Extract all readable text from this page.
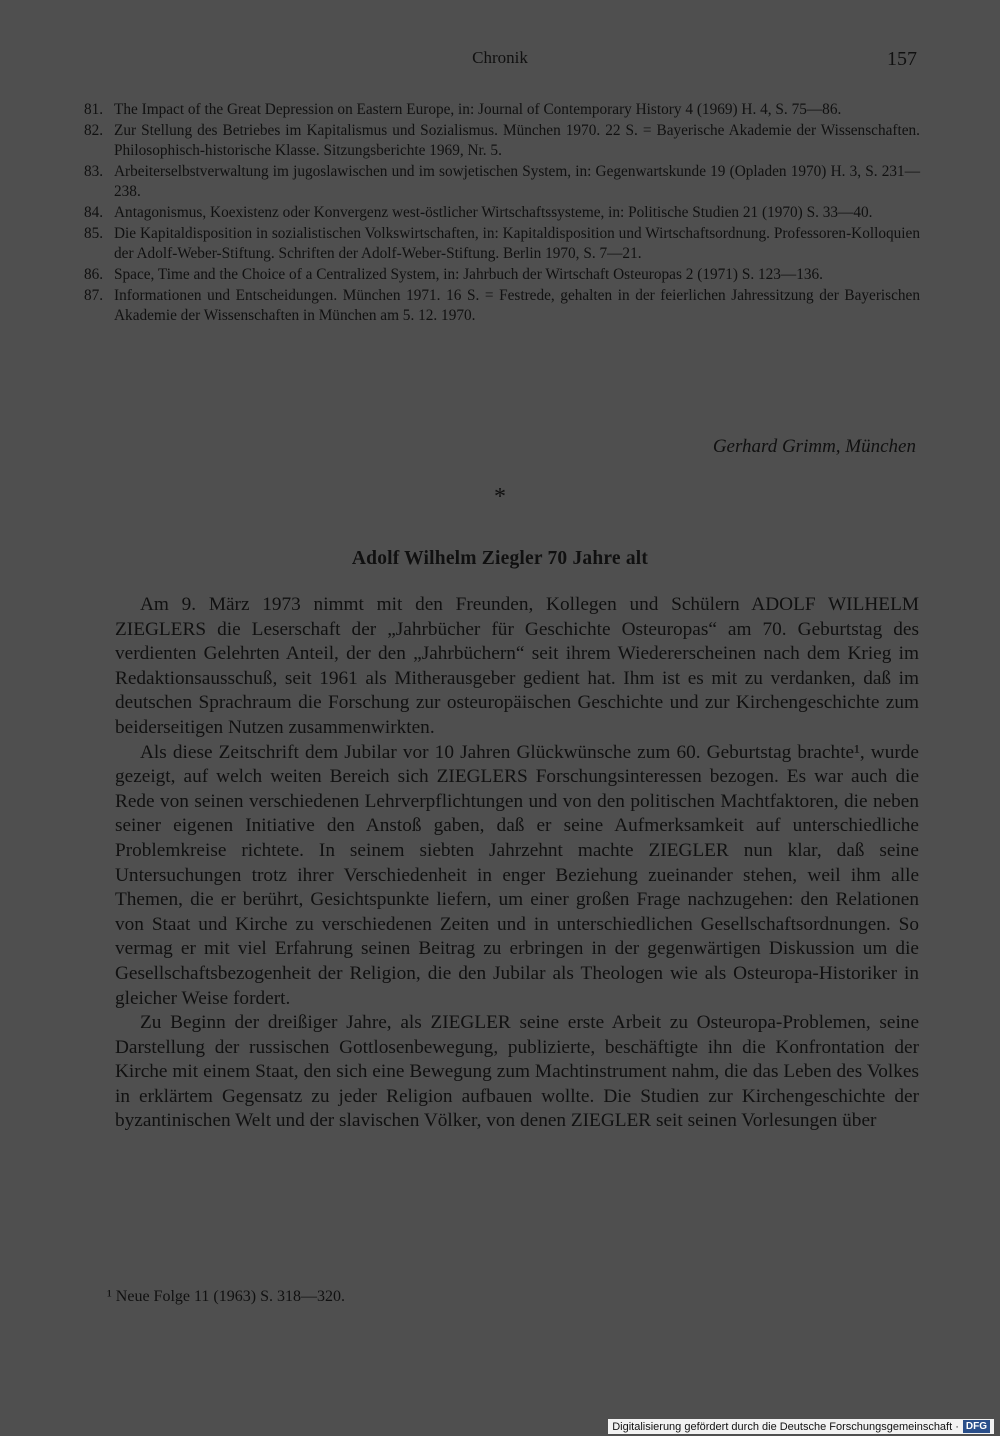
Chronik	157
81. The Impact of the Great Depression on Eastern Europe, in: Journal of Contemporary History 4 (1969) H. 4, S. 75—86.
82. Zur Stellung des Betriebes im Kapitalismus und Sozialismus. München 1970. 22 S. = Bayerische Akademie der Wissenschaften. Philosophisch-historische Klasse. Sitzungsberichte 1969, Nr. 5.
83. Arbeiterselbstverwaltung im jugoslawischen und im sowjetischen System, in: Gegenwartskunde 19 (Opladen 1970) H. 3, S. 231—238.
84. Antagonismus, Koexistenz oder Konvergenz west-östlicher Wirtschaftssysteme, in: Politische Studien 21 (1970) S. 33—40.
85. Die Kapitaldisposition in sozialistischen Volkswirtschaften, in: Kapitaldisposition und Wirtschaftsordnung. Professoren-Kolloquien der Adolf-Weber-Stiftung. Schriften der Adolf-Weber-Stiftung. Berlin 1970, S. 7—21.
86. Space, Time and the Choice of a Centralized System, in: Jahrbuch der Wirtschaft Osteuropas 2 (1971) S. 123—136.
87. Informationen und Entscheidungen. München 1971. 16 S. = Festrede, gehalten in der feierlichen Jahressitzung der Bayerischen Akademie der Wissenschaften in München am 5. 12. 1970.
Gerhard Grimm, München
*
Adolf Wilhelm Ziegler 70 Jahre alt

Am 9. März 1973 nimmt mit den Freunden, Kollegen und Schülern ADOLF WILHELM ZIEGLERS die Leserschaft der „Jahrbücher für Geschichte Osteuropas“ am 70. Geburtstag des verdienten Gelehrten Anteil, der den „Jahrbüchern“ seit ihrem Wiedererscheinen nach dem Krieg im Redaktionsausschuß, seit 1961 als Mitherausgeber gedient hat. Ihm ist es mit zu verdanken, daß im deutschen Sprachraum die Forschung zur osteuropäischen Geschichte und zur Kirchengeschichte zum beiderseitigen Nutzen zusammenwirkten.

Als diese Zeitschrift dem Jubilar vor 10 Jahren Glückwünsche zum 60. Geburtstag brachte¹, wurde gezeigt, auf welch weiten Bereich sich ZIEGLERS Forschungsinteressen bezogen. Es war auch die Rede von seinen verschiedenen Lehrverpflichtungen und von den politischen Machtfaktoren, die neben seiner eigenen Initiative den Anstoß gaben, daß er seine Aufmerksamkeit auf unterschiedliche Problemkreise richtete. In seinem siebten Jahrzehnt machte ZIEGLER nun klar, daß seine Untersuchungen trotz ihrer Verschiedenheit in enger Beziehung zueinander stehen, weil ihm alle Themen, die er berührt, Gesichtspunkte liefern, um einer großen Frage nachzugehen: den Relationen von Staat und Kirche zu verschiedenen Zeiten und in unterschiedlichen Gesellschaftsordnungen. So vermag er mit viel Erfahrung seinen Beitrag zu erbringen in der gegenwärtigen Diskussion um die Gesellschaftsbezogenheit der Religion, die den Jubilar als Theologen wie als Osteuropa-Historiker in gleicher Weise fordert.

Zu Beginn der dreißiger Jahre, als ZIEGLER seine erste Arbeit zu Osteuropa-Problemen, seine Darstellung der russischen Gottlosenbewegung, publizierte, beschäftigte ihn die Konfrontation der Kirche mit einem Staat, den sich eine Bewegung zum Machtinstrument nahm, die das Leben des Volkes in erklärtem Gegensatz zu jeder Religion aufbauen wollte. Die Studien zur Kirchengeschichte der byzantinischen Welt und der slavischen Völker, von denen ZIEGLER seit seinen Vorlesungen über

¹ Neue Folge 11 (1963) S. 318—320.
Digitalisierung gefördert durch die Deutsche Forschungsgemeinschaft · DFG
